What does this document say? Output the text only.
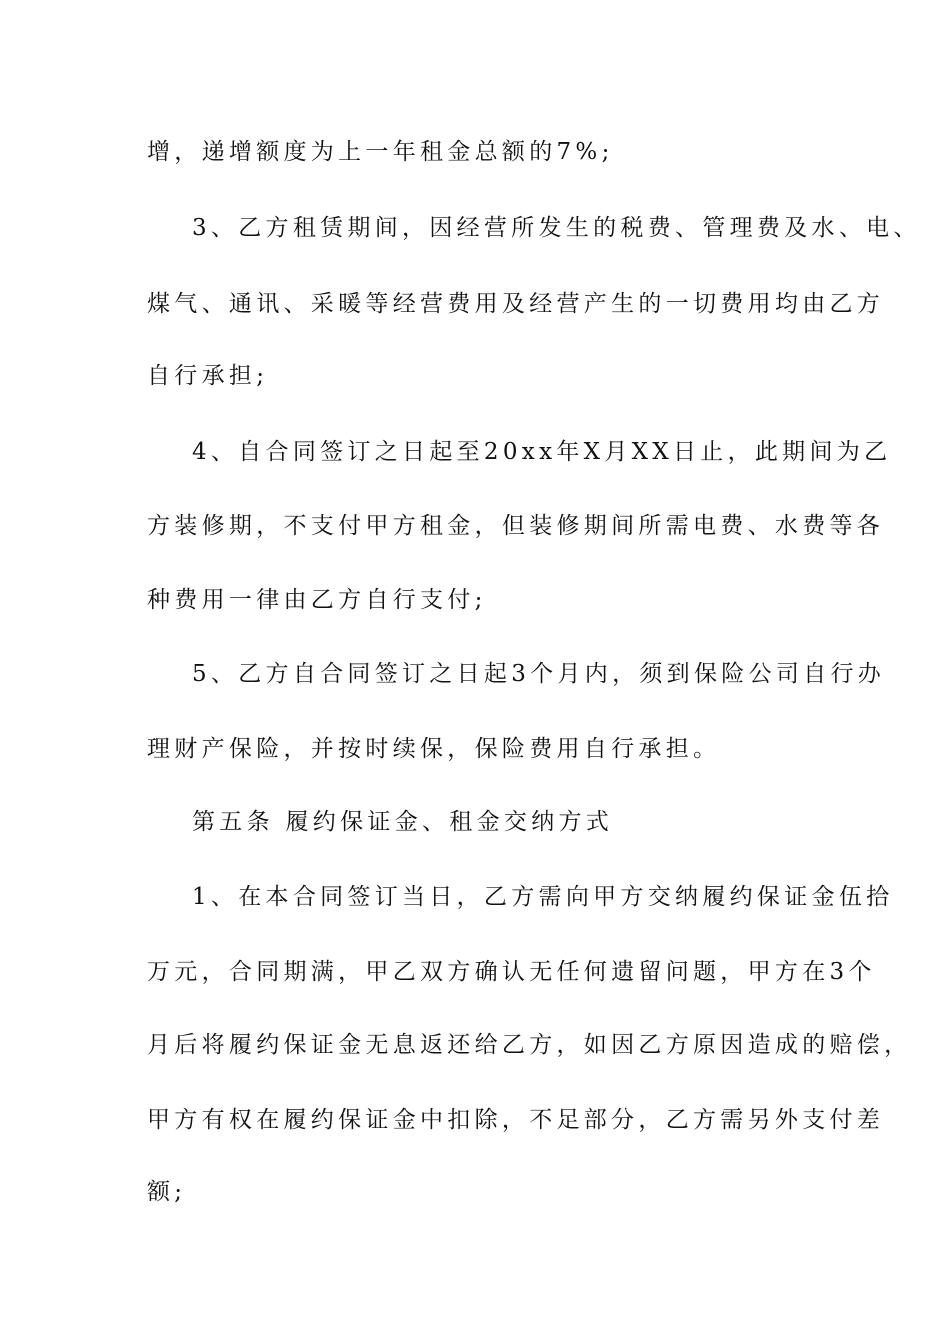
增，递增额度为上一年租金总额的7%;
3、乙方租赁期间，因经营所发生的税费、管理费及水、电、
煤气、通讯、采暖等经营费用及经营产生的一切费用均由乙方
自行承担;
4、自合同签订之日起至20xx年X月XX日止，此期间为乙
方装修期，不支付甲方租金，但装修期间所需电费、水费等各
种费用一律由乙方自行支付;
5、乙方自合同签订之日起3个月内，须到保险公司自行办
理财产保险，并按时续保，保险费用自行承担。
第五条 履约保证金、租金交纳方式
1、在本合同签订当日，乙方需向甲方交纳履约保证金伍拾
万元，合同期满，甲乙双方确认无任何遗留问题，甲方在3个
月后将履约保证金无息返还给乙方，如因乙方原因造成的赔偿，
甲方有权在履约保证金中扣除，不足部分，乙方需另外支付差
额;
